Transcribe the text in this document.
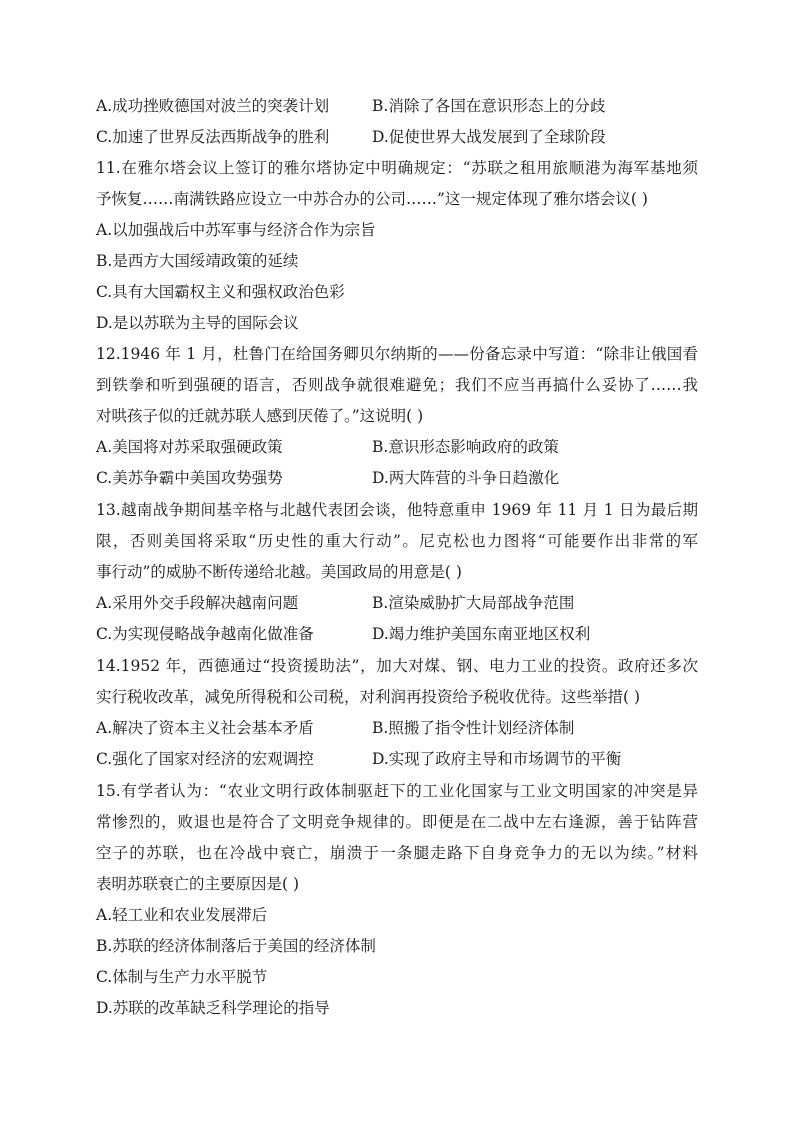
A.成功挫败德国对波兰的突袭计划	B.消除了各国在意识形态上的分歧
C.加速了世界反法西斯战争的胜利	D.促使世界大战发展到了全球阶段
11.在雅尔塔会议上签订的雅尔塔协定中明确规定：“苏联之租用旅顺港为海军基地须
予恢复……南满铁路应设立一中苏合办的公司……”这一规定体现了雅尔塔会议( )
A.以加强战后中苏军事与经济合作为宗旨
B.是西方大国绥靖政策的延续
C.具有大国霸权主义和强权政治色彩
D.是以苏联为主导的国际会议
12.1946 年 1 月，杜鲁门在给国务卿贝尔纳斯的——份备忘录中写道：“除非让俄国看
到铁拳和听到强硬的语言，否则战争就很难避免；我们不应当再搞什么妥协了……我
对哄孩子似的迁就苏联人感到厌倦了。”这说明( )
A.美国将对苏采取强硬政策	B.意识形态影响政府的政策
C.美苏争霸中美国攻势强势	D.两大阵营的斗争日趋激化
13.越南战争期间基辛格与北越代表团会谈，他特意重申 1969 年 11 月 1 日为最后期
限，否则美国将采取“历史性的重大行动”。尼克松也力图将“可能要作出非常的军
事行动”的威胁不断传递给北越。美国政局的用意是( )
A.采用外交手段解决越南问题	B.渲染威胁扩大局部战争范围
C.为实现侵略战争越南化做准备	D.竭力维护美国东南亚地区权利
14.1952 年，西德通过“投资援助法”，加大对煤、钢、电力工业的投资。政府还多次
实行税收改革，减免所得税和公司税，对利润再投资给予税收优待。这些举措( )
A.解决了资本主义社会基本矛盾	B.照搬了指令性计划经济体制
C.强化了国家对经济的宏观调控	D.实现了政府主导和市场调节的平衡
15.有学者认为：“农业文明行政体制驱赶下的工业化国家与工业文明国家的冲突是异
常惨烈的，败退也是符合了文明竞争规律的。即便是在二战中左右逢源，善于钻阵营
空子的苏联，也在冷战中衰亡，崩溃于一条腿走路下自身竞争力的无以为续。”材料
表明苏联衰亡的主要原因是( )
A.轻工业和农业发展滞后
B.苏联的经济体制落后于美国的经济体制
C.体制与生产力水平脱节
D.苏联的改革缺乏科学理论的指导
